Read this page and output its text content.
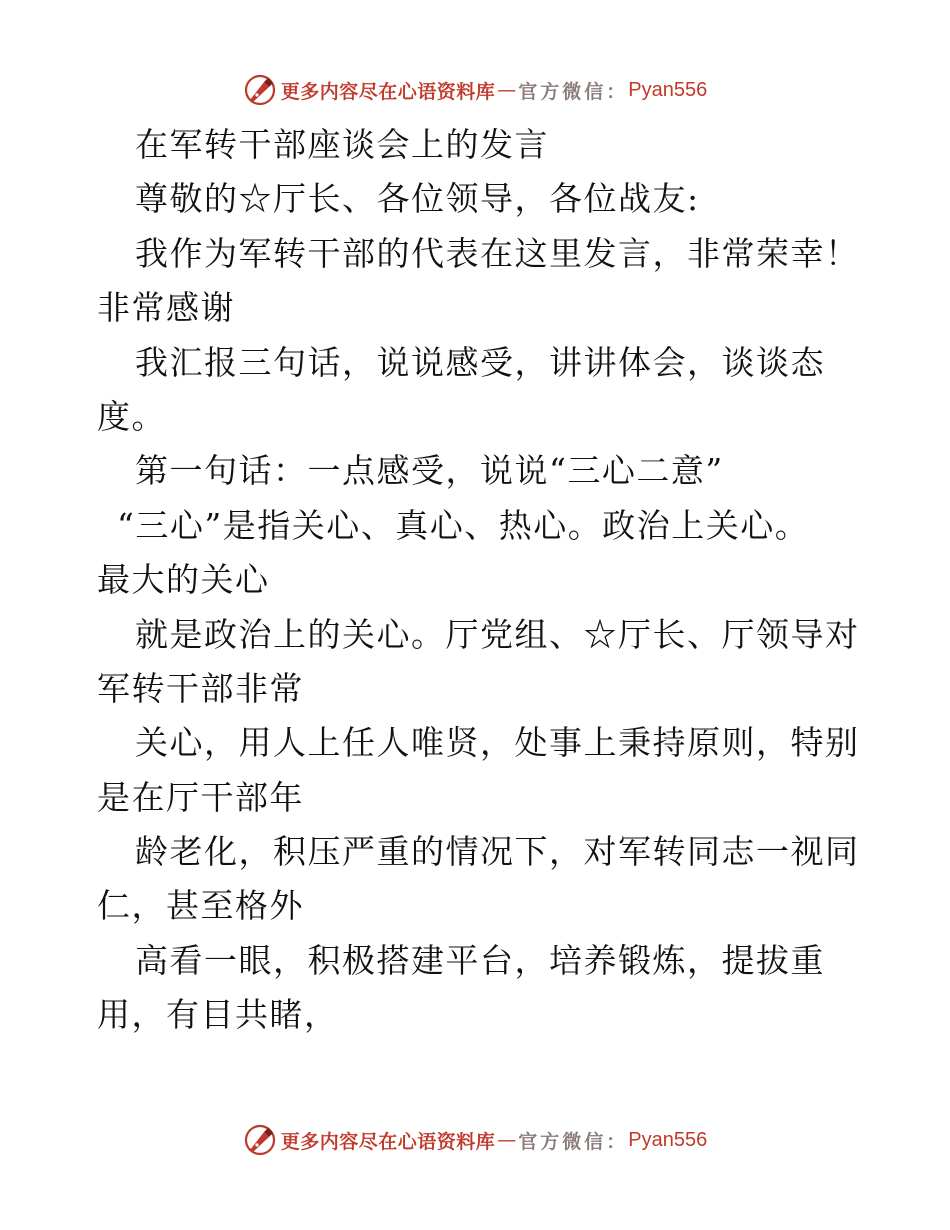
更多内容尽在心语资料库 — 官方微信： Pyan556
在军转干部座谈会上的发言
尊敬的☆厅长、各位领导，各位战友:
我作为军转干部的代表在这里发言，非常荣幸！
非常感谢
我汇报三句话，说说感受，讲讲体会，谈谈态
度。
第一句话：一点感受，说说“三心二意”
“三心”是指关心、真心、热心。政治上关心。
最大的关心
就是政治上的关心。厅党组、☆厅长、厅领导对
军转干部非常
关心，用人上任人唯贤，处事上秉持原则，特别
是在厅干部年
龄老化，积压严重的情况下，对军转同志一视同
仁，甚至格外
高看一眼，积极搭建平台，培养锻炼，提拔重
用，有目共睹，
更多内容尽在心语资料库 — 官方微信： Pyan556
